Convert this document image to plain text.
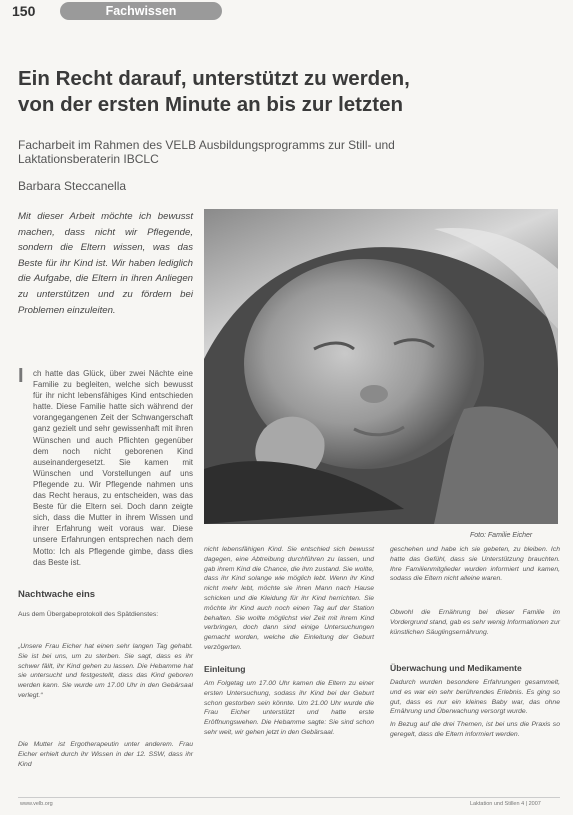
150	Fachwissen
Ein Recht darauf, unterstützt zu werden,
von der ersten Minute an bis zur letzten
Facharbeit im Rahmen des VELB Ausbildungsprogramms zur Still- und Laktationsberaterin IBCLC
Barbara Steccanella
Mit dieser Arbeit möchte ich bewusst machen, dass nicht wir Pflegende, sondern die Eltern wissen, was das Beste für ihr Kind ist. Wir haben lediglich die Aufgabe, die Eltern in ihren Anliegen zu unterstützen und zu fördern bei Problemen einzuleiten.
I	ch hatte das Glück, über zwei Nächte eine Familie zu begleiten, welche sich bewusst für ihr nicht lebensfähiges Kind entschieden hatte. Diese Familie hatte sich während der vorangegangenen Zeit der Schwangerschaft ganz gezielt und sehr gewissenhaft mit ihren Wünschen und auch Pflichten gegenüber dem noch nicht geborenen Kind auseinandergesetzt. Sie kamen mit Wünschen und Vorstellungen auf uns Pflegende zu. Wir Pflegende nahmen uns das Recht heraus, zu entscheiden, was das Beste für die Eltern sei. Doch dann zeigte sich, dass die Mutter in ihrem Wissen und ihrer Erfahrung weit voraus war. Diese unsere Erfahrungen entsprechen nach dem Motto: Ich als Pflegende gimbe, dass dies das Beste ist.
Foto: Familie Eicher
Nachtwache eins
Aus dem Übergabeprotokoll des Spätdienstes:
„Unsere Frau Eicher hat einen sehr langen Tag gehabt. Sie ist bei uns, um zu sterben. Sie sagt, dass es ihr schwer fällt, ihr Kind gehen zu lassen. Die Hebamme hat sie untersucht und festgestellt, dass das Kind geboren werden kann. Sie wurde um 17.00 Uhr in den Gebärsaal verlegt.“
Die Mutter ist Ergotherapeutin unter anderem. Frau Eicher erhielt durch ihr Wissen in der 12. SSW, dass ihr Kind
nicht lebensfähigen Kind. Sie entschied sich bewusst dagegen, eine Abtreibung durchführen zu lassen, und gab ihrem Kind die Chance, die ihm zustand. Sie wollte, dass ihr Kind solange wie möglich lebt. Wenn ihr Kind nicht mehr lebt, möchte sie ihren Mann nach Hause schicken und die Kleidung für ihr Kind herrichten. Sie möchte ihr Kind auch noch einen Tag auf der Station behalten. Sie wollte möglichst viel Zeit mit ihrem Kind verbringen, doch dann sind einige Untersuchungen gemacht worden, welche die Einleitung der Geburt verzögerten.
Einleitung
Am Folgetag um 17.00 Uhr kamen die Eltern zu einer ersten Untersuchung, sodass ihr Kind bei der Geburt schon gestorben sein könnte. Um 21.00 Uhr wurde die Frau Eicher unterstützt und hatte erste Eröffnungswehen. Die Hebamme sagte: Sie sind schon sehr weit, wir gehen jetzt in den Gebärsaal.
geschehen und habe ich sie gebeten, zu bleiben. Ich hatte das Gefühl, dass sie Unterstützung brauchten. Ihre Familienmitglieder wurden informiert und kamen, sodass die Eltern nicht alleine waren.
Obwohl die Ernährung bei dieser Familie im Vordergrund stand, gab es sehr wenig Informationen zur künstlichen Säuglingsernährung.
Überwachung und Medikamente
Dadurch wurden besondere Erfahrungen gesammelt, und es war ein sehr berührendes Erlebnis. Es ging so gut, dass es nur ein kleines Baby war, das ohne Ernährung und Überwachung versorgt wurde.
In Bezug auf die drei Themen, ist bei uns die Praxis so geregelt, dass die Eltern informiert werden.
www.velb.org	Laktation und Stillen 4 | 2007
